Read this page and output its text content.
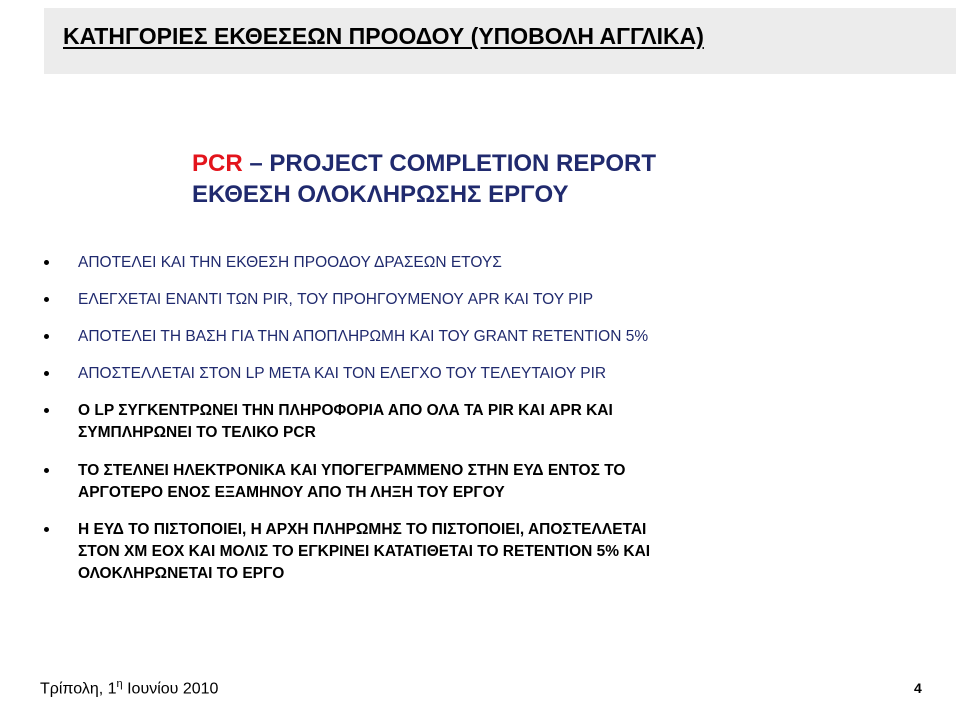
ΚΑΤΗΓΟΡΙΕΣ ΕΚΘΕΣΕΩΝ ΠΡΟΟΔΟΥ (ΥΠΟΒΟΛΗ ΑΓΓΛΙΚΑ)
PCR – PROJECT COMPLETION REPORT
ΕΚΘΕΣΗ ΟΛΟΚΛΗΡΩΣΗΣ ΕΡΓΟΥ
ΑΠΟΤΕΛΕΙ ΚΑΙ ΤΗΝ ΕΚΘΕΣΗ ΠΡΟΟΔΟΥ ΔΡΑΣΕΩΝ ΕΤΟΥΣ
ΕΛΕΓΧΕΤΑΙ ΕΝΑΝΤΙ ΤΩΝ PIR, ΤΟΥ ΠΡΟΗΓΟΥΜΕΝΟΥ APR ΚΑΙ ΤΟΥ PIP
ΑΠΟΤΕΛΕΙ ΤΗ ΒΑΣΗ ΓΙΑ ΤΗΝ ΑΠΟΠΛΗΡΩΜΗ ΚΑΙ ΤΟΥ GRANT RETENTION 5%
ΑΠΟΣΤΕΛΛΕΤΑΙ ΣΤΟΝ LP ΜΕΤΑ ΚΑΙ ΤΟΝ ΕΛΕΓΧΟ ΤΟΥ ΤΕΛΕΥΤΑΙΟΥ PIR
Ο LP ΣΥΓΚΕΝΤΡΩΝΕΙ ΤΗΝ ΠΛΗΡΟΦΟΡΙΑ ΑΠΟ ΟΛΑ ΤΑ PIR ΚΑΙ APR ΚΑΙ
ΣΥΜΠΛΗΡΩΝΕΙ ΤΟ ΤΕΛΙΚΟ PCR
ΤΟ ΣΤΕΛΝΕΙ ΗΛΕΚΤΡΟΝΙΚΑ ΚΑΙ ΥΠΟΓΕΓΡΑΜΜΕΝΟ ΣΤΗΝ ΕΥΔ ΕΝΤΟΣ ΤΟ
ΑΡΓΟΤΕΡΟ ΕΝΟΣ ΕΞΑΜΗΝΟΥ ΑΠΟ ΤΗ ΛΗΞΗ ΤΟΥ ΕΡΓΟΥ
Η ΕΥΔ ΤΟ ΠΙΣΤΟΠΟΙΕΙ, Η ΑΡΧΗ ΠΛΗΡΩΜΗΣ ΤΟ ΠΙΣΤΟΠΟΙΕΙ, ΑΠΟΣΤΕΛΛΕΤΑΙ
ΣΤΟΝ ΧΜ ΕΟΧ ΚΑΙ ΜΟΛΙΣ ΤΟ ΕΓΚΡΙΝΕΙ ΚΑΤΑΤΙΘΕΤΑΙ ΤΟ RETENTION 5% ΚΑΙ
ΟΛΟΚΛΗΡΩΝΕΤΑΙ ΤΟ ΕΡΓΟ
Τρίπολη, $1^\eta$ Ιουνίου 2010	4
